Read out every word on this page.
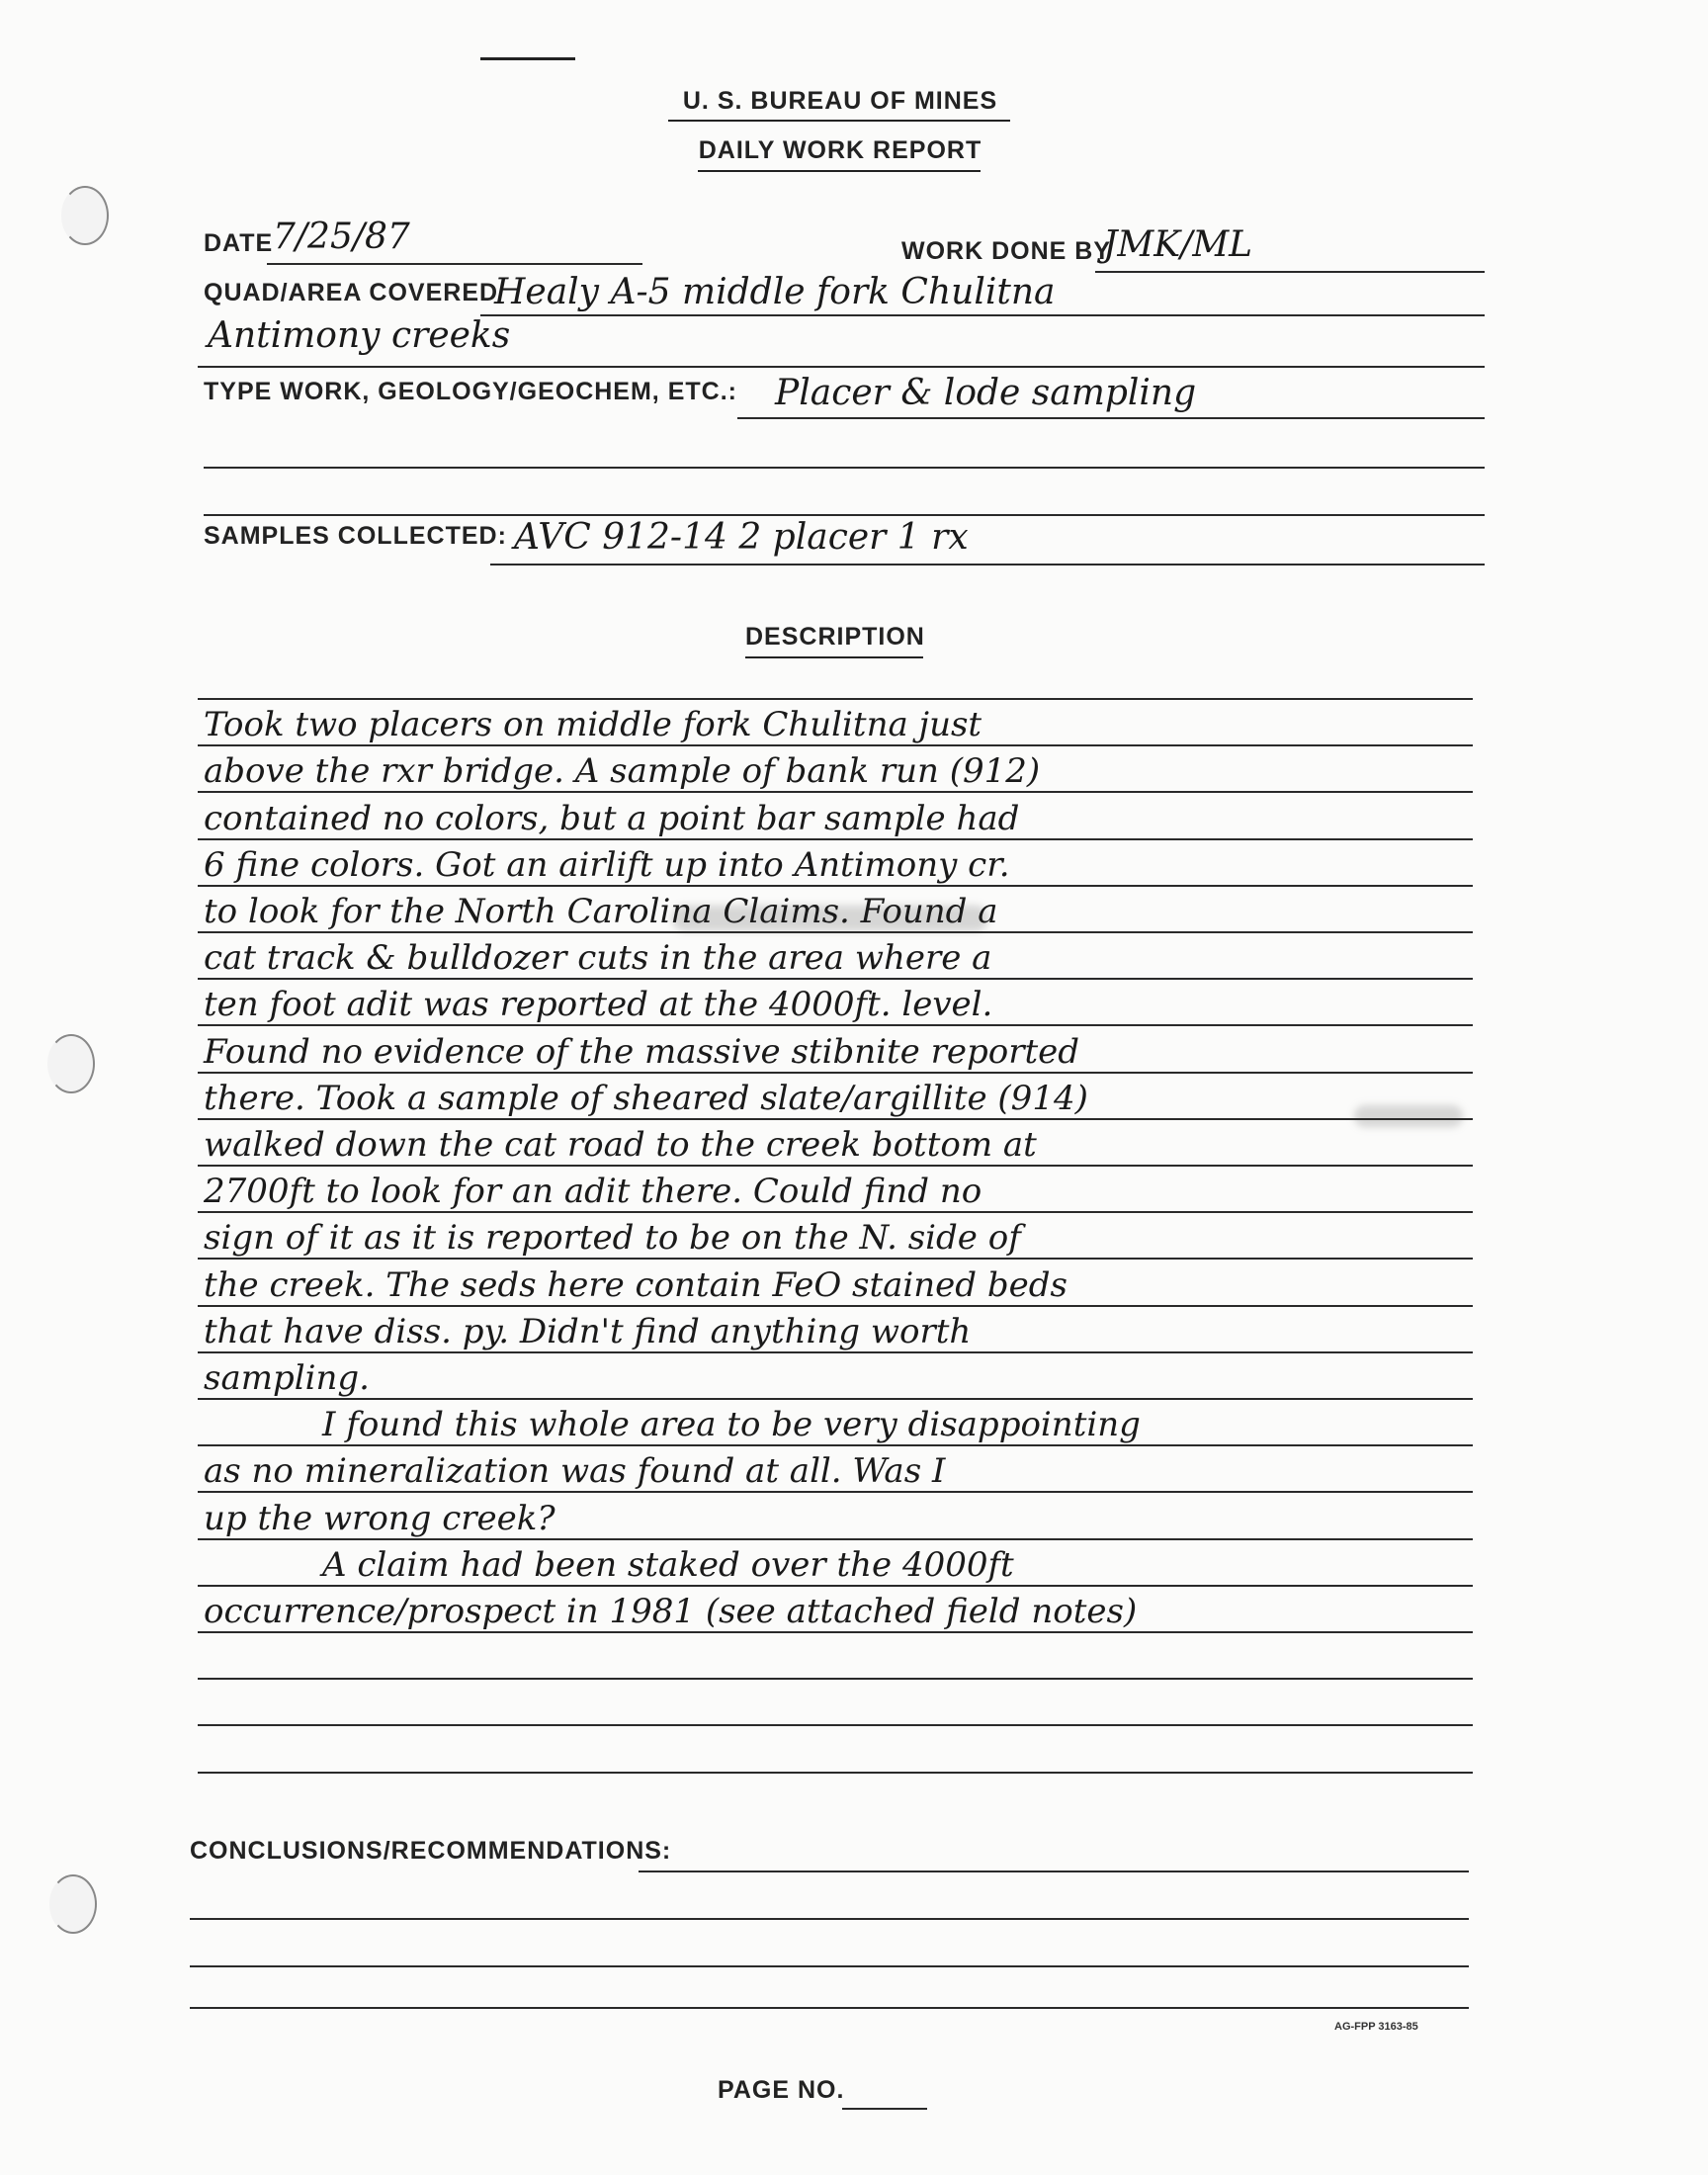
U. S. BUREAU OF MINES
DAILY WORK REPORT
DATE 7/25/87	WORK DONE BY
JMK/ML
QUAD/AREA COVERED
Healy A-5 middle fork Chulitna
Antimony creeks
TYPE WORK, GEOLOGY/GEOCHEM, ETC.: Placer & lode sampling
SAMPLES COLLECTED: AVC 912-14 2 placer 1 rx
DESCRIPTION
Took two placers on middle fork Chulitna just
above the rxr bridge. A sample of bank run (912)
contained no colors, but a point bar sample had
6 fine colors. Got an airlift up into Antimony cr.
to look for the North Carolina Claims. Found a
cat track & bulldozer cuts in the area where a
ten foot adit was reported at the 4000ft. level.
Found no evidence of the massive stibnite reported
there. Took a sample of sheared slate/argillite (914)
walked down the cat road to the creek bottom at
2700ft to look for an adit there. Could find no
sign of it as it is reported to be on the N. side of
the creek. The seds here contain FeO stained beds
that have diss. py. Didn't find anything worth
sampling.
I found this whole area to be very disappointing
as no mineralization was found at all. Was I
up the wrong creek?
A claim had been staked over the 4000ft
occurrence/prospect in 1981 (see attached field notes)
CONCLUSIONS/RECOMMENDATIONS:
AG-FPP 3163-85
PAGE NO.
